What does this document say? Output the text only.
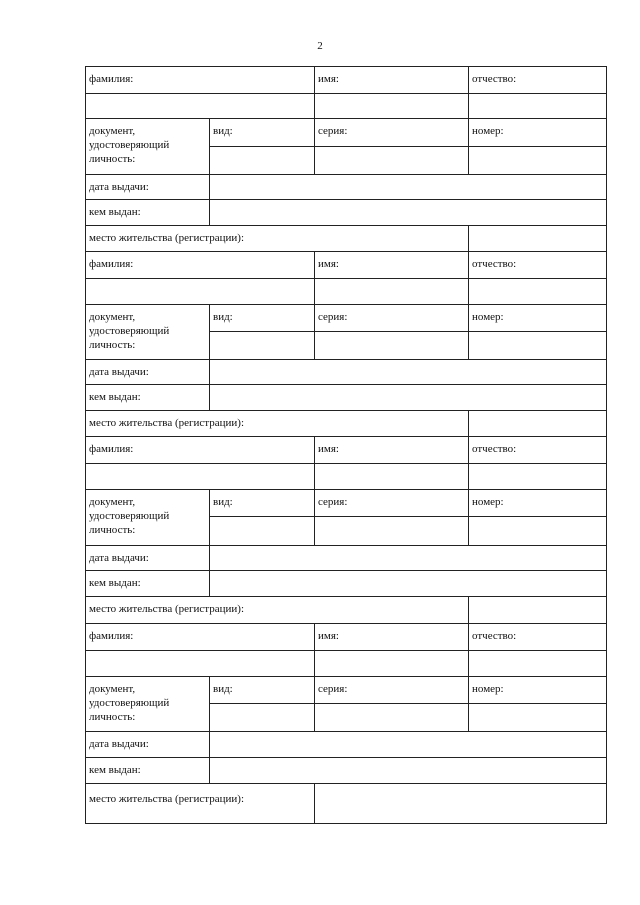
2
фамилия:		имя:	отчество:

документ,
удостоверяющий
личность:	вид:	серия:	номер:

дата выдачи:			
кем выдан:			
место жительства (регистрации):			
фамилия:		имя:	отчество:

документ,
удостоверяющий
личность:	вид:	серия:	номер:

дата выдачи:			
кем выдан:			
место жительства (регистрации):			
фамилия:		имя:	отчество:

документ,
удостоверяющий
личность:	вид:	серия:	номер:

дата выдачи:			
кем выдан:			
место жительства (регистрации):			
фамилия:		имя:	отчество:

документ,
удостоверяющий
личность:	вид:	серия:	номер:

дата выдачи:			
кем выдан:			
место жительства (регистрации):			
